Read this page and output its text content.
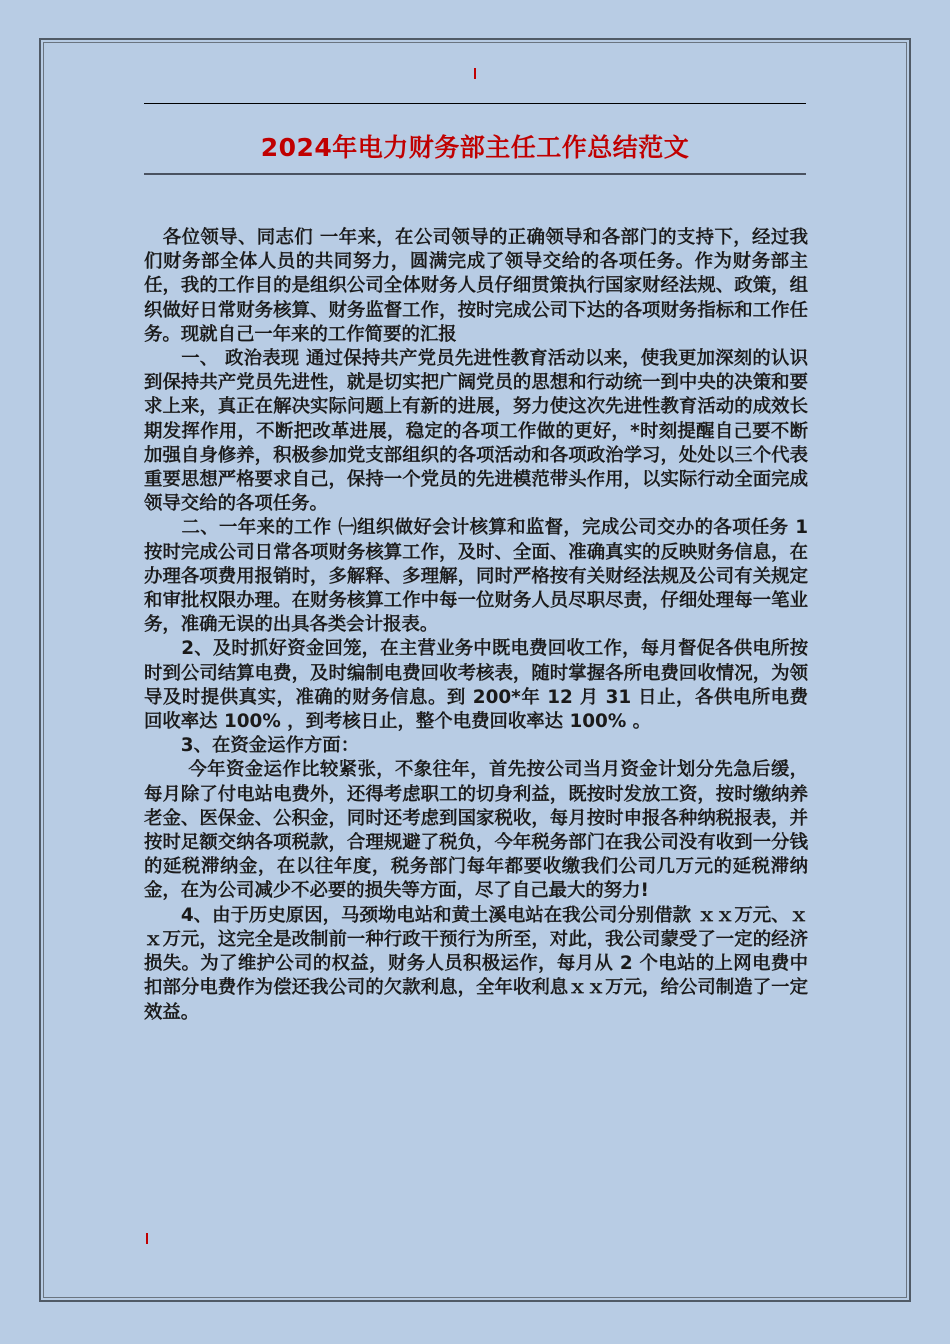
2024年电力财务部主任工作总结范文

　各位领导、同志们 一年来，在公司领导的正确领导和各部门的支持下，经过我们财务部全体人员的共同努力，圆满完成了领导交给的各项任务。作为财务部主任，我的工作目的是组织公司全体财务人员仔细贯策执行国家财经法规、政策，组织做好日常财务核算、财务监督工作，按时完成公司下达的各项财务指标和工作任务。现就自己一年来的工作简要的汇报

　　一、 政治表现 通过保持共产党员先进性教育活动以来，使我更加深刻的认识到保持共产党员先进性，就是切实把广阔党员的思想和行动统一到中央的决策和要求上来，真正在解决实际问题上有新的进展，努力使这次先进性教育活动的成效长期发挥作用，不断把改革进展，稳定的各项工作做的更好，*时刻提醒自己要不断加强自身修养，积极参加党支部组织的各项活动和各项政治学习，处处以三个代表重要思想严格要求自己，保持一个党员的先进模范带头作用，以实际行动全面完成领导交给的各项任务。

　　二、一年来的工作 ㈠组织做好会计核算和监督，完成公司交办的各项任务 1 按时完成公司日常各项财务核算工作，及时、全面、准确真实的反映财务信息，在办理各项费用报销时，多解释、多理解，同时严格按有关财经法规及公司有关规定和审批权限办理。在财务核算工作中每一位财务人员尽职尽责，仔细处理每一笔业务，准确无误的出具各类会计报表。

　　2、及时抓好资金回笼，在主营业务中既电费回收工作，每月督促各供电所按时到公司结算电费，及时编制电费回收考核表，随时掌握各所电费回收情况，为领导及时提供真实，准确的财务信息。到 200*年 12 月 31 日止，各供电所电费回收率达 100% ，到考核日止，整个电费回收率达 100% 。

　　3、在资金运作方面：

　　 今年资金运作比较紧张，不象往年，首先按公司当月资金计划分先急后缓，每月除了付电站电费外，还得考虑职工的切身利益，既按时发放工资，按时缴纳养老金、医保金、公积金，同时还考虑到国家税收，每月按时申报各种纳税报表，并按时足额交纳各项税款，合理规避了税负，今年税务部门在我公司没有收到一分钱的延税滞纳金，在以往年度，税务部门每年都要收缴我们公司几万元的延税滞纳金，在为公司减少不必要的损失等方面，尽了自己最大的努力!

　　4、由于历史原因，马颈坳电站和黄土溪电站在我公司分别借款 ｘｘ万元、ｘｘ万元，这完全是改制前一种行政干预行为所至，对此，我公司蒙受了一定的经济损失。为了维护公司的权益，财务人员积极运作，每月从 2 个电站的上网电费中扣部分电费作为偿还我公司的欠款利息，全年收利息ｘｘ万元，给公司制造了一定效益。
